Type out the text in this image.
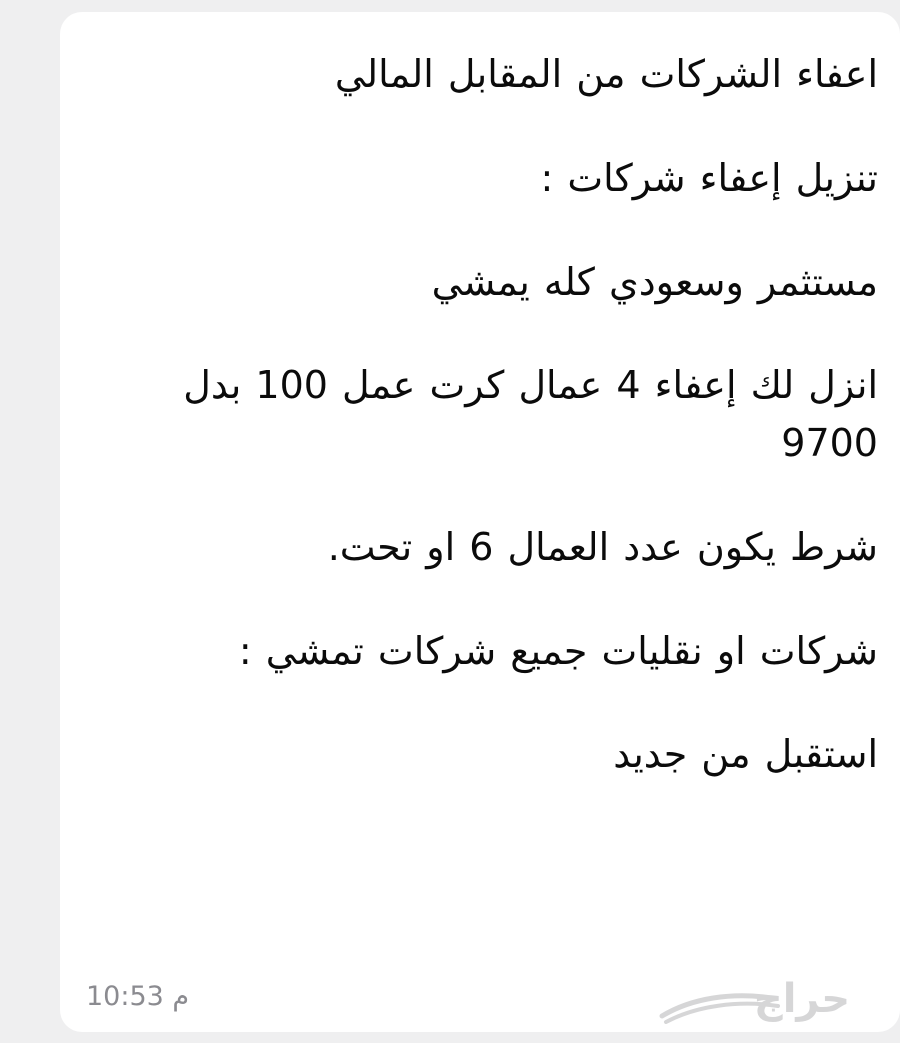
اعفاء الشركات من المقابل المالي

تنزيل إعفاء شركات :

مستثمر وسعودي كله يمشي

انزل لك إعفاء 4 عمال كرت عمل 100 بدل 9700

شرط يكون عدد العمال 6 او تحت.

شركات او نقليات جميع شركات تمشي :

استقبل من جديد

10:53 م	حراج
